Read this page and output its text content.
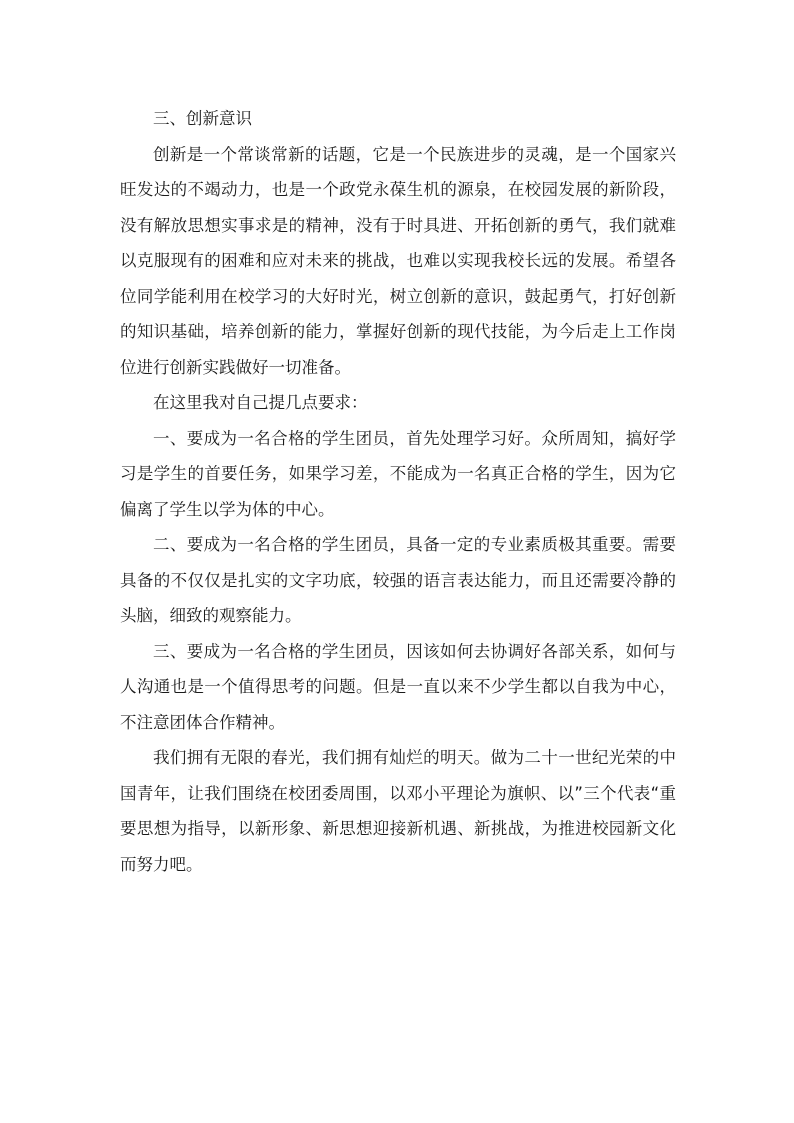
三、创新意识

创新是一个常谈常新的话题，它是一个民族进步的灵魂，是一个国家兴旺发达的不竭动力，也是一个政党永葆生机的源泉，在校园发展的新阶段，没有解放思想实事求是的精神，没有于时具进、开拓创新的勇气，我们就难以克服现有的困难和应对未来的挑战，也难以实现我校长远的发展。希望各位同学能利用在校学习的大好时光，树立创新的意识，鼓起勇气，打好创新的知识基础，培养创新的能力，掌握好创新的现代技能，为今后走上工作岗位进行创新实践做好一切准备。

在这里我对自己提几点要求：

一、要成为一名合格的学生团员，首先处理学习好。众所周知，搞好学习是学生的首要任务，如果学习差，不能成为一名真正合格的学生，因为它偏离了学生以学为体的中心。

二、要成为一名合格的学生团员，具备一定的专业素质极其重要。需要具备的不仅仅是扎实的文字功底，较强的语言表达能力，而且还需要冷静的头脑，细致的观察能力。

三、要成为一名合格的学生团员，因该如何去协调好各部关系，如何与人沟通也是一个值得思考的问题。但是一直以来不少学生都以自我为中心，不注意团体合作精神。

我们拥有无限的春光，我们拥有灿烂的明天。做为二十一世纪光荣的中国青年，让我们围绕在校团委周围，以邓小平理论为旗帜、以”三个代表“重要思想为指导，以新形象、新思想迎接新机遇、新挑战，为推进校园新文化而努力吧。
